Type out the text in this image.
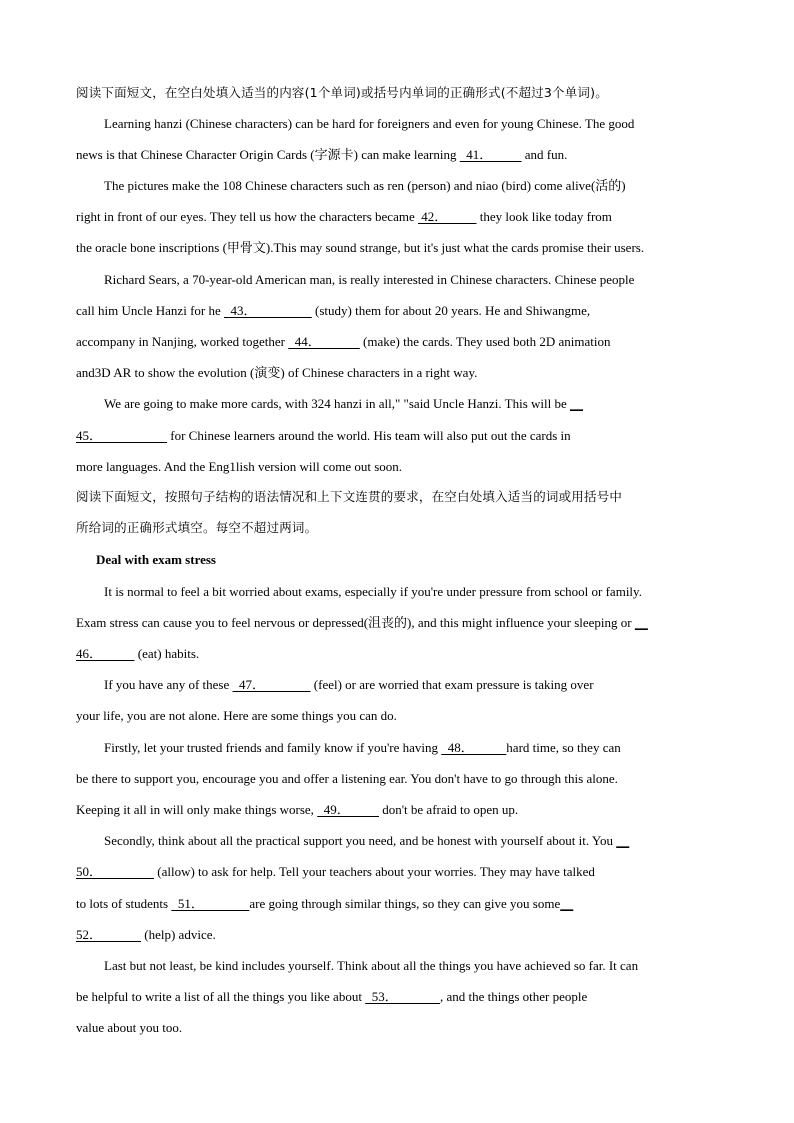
阅读下面短文，在空白处填入适当的内容(1个单词)或括号内单词的正确形式(不超过3个单词)。
Learning hanzi (Chinese characters) can be hard for foreigners and even for young Chinese. The good
news is that Chinese Character Origin Cards (字源卡) can make learning   41．          and fun.
The pictures make the 108 Chinese characters such as ren (person) and niao (bird) come alive(活的)
right in front of our eyes. They tell us how the characters became  42．          they look like today from
the oracle bone inscriptions (甲骨文).This may sound strange, but it's just what the cards promise their users.
Richard Sears, a 70-year-old American man, is really interested in Chinese characters. Chinese people
call him Uncle Hanzi for he   43．                  (study) them for about 20 years. He and Shiwangme,
accompany in Nanjing, worked together   44．             (make) the cards. They used both 2D animation
and3D AR to show the evolution (演变) of Chinese characters in a right way.
We are going to make more cards, with 324 hanzi in all," "said Uncle Hanzi. This will be __
45．                     for Chinese learners around the world. His team will also put out the cards in
more languages. And the Eng1lish version will come out soon.
阅读下面短文，按照句子结构的语法情况和上下文连贯的要求，在空白处填入适当的词或用括号中
所给词的正确形式填空。每空不超过两词。
Deal with exam stress
It is normal to feel a bit worried about exams, especially if you're under pressure from school or family.
Exam stress can cause you to feel nervous or depressed(沮丧的), and this might influence your sleeping or __
46．           (eat) habits.
If you have any of these   47．               (feel) or are worried that exam pressure is taking over
your life, you are not alone. Here are some things you can do.
Firstly, let your trusted friends and family know if you're having   48．          hard time, so they can
be there to support you, encourage you and offer a listening ear. You don't have to go through this alone.
Keeping it all in will only make things worse,   49．          don't be afraid to open up.
Secondly, think about all the practical support you need, and be honest with yourself about it. You __
50．                 (allow) to ask for help. Tell your teachers about your worries. They may have talked
to lots of students   51．              are going through similar things, so they can give you some__
52．             (help) advice.
Last but not least, be kind includes yourself. Think about all the things you have achieved so far. It can
be helpful to write a list of all the things you like about   53．             , and the things other people
value about you too.
